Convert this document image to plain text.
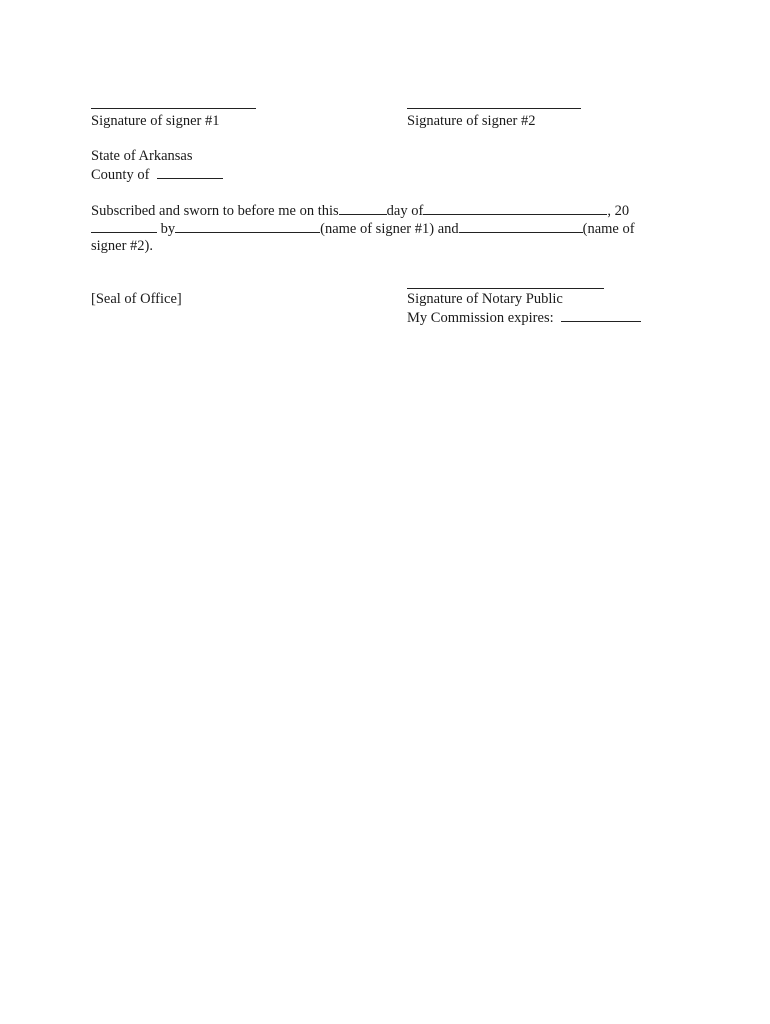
Signature of signer #1	Signature of signer #2
State of Arkansas
County of
Subscribed and sworn to before me on this	day of	, 20
by	(name of signer #1) and	(name of
signer #2).
[Seal of Office]	Signature of Notary Public
My Commission expires:
